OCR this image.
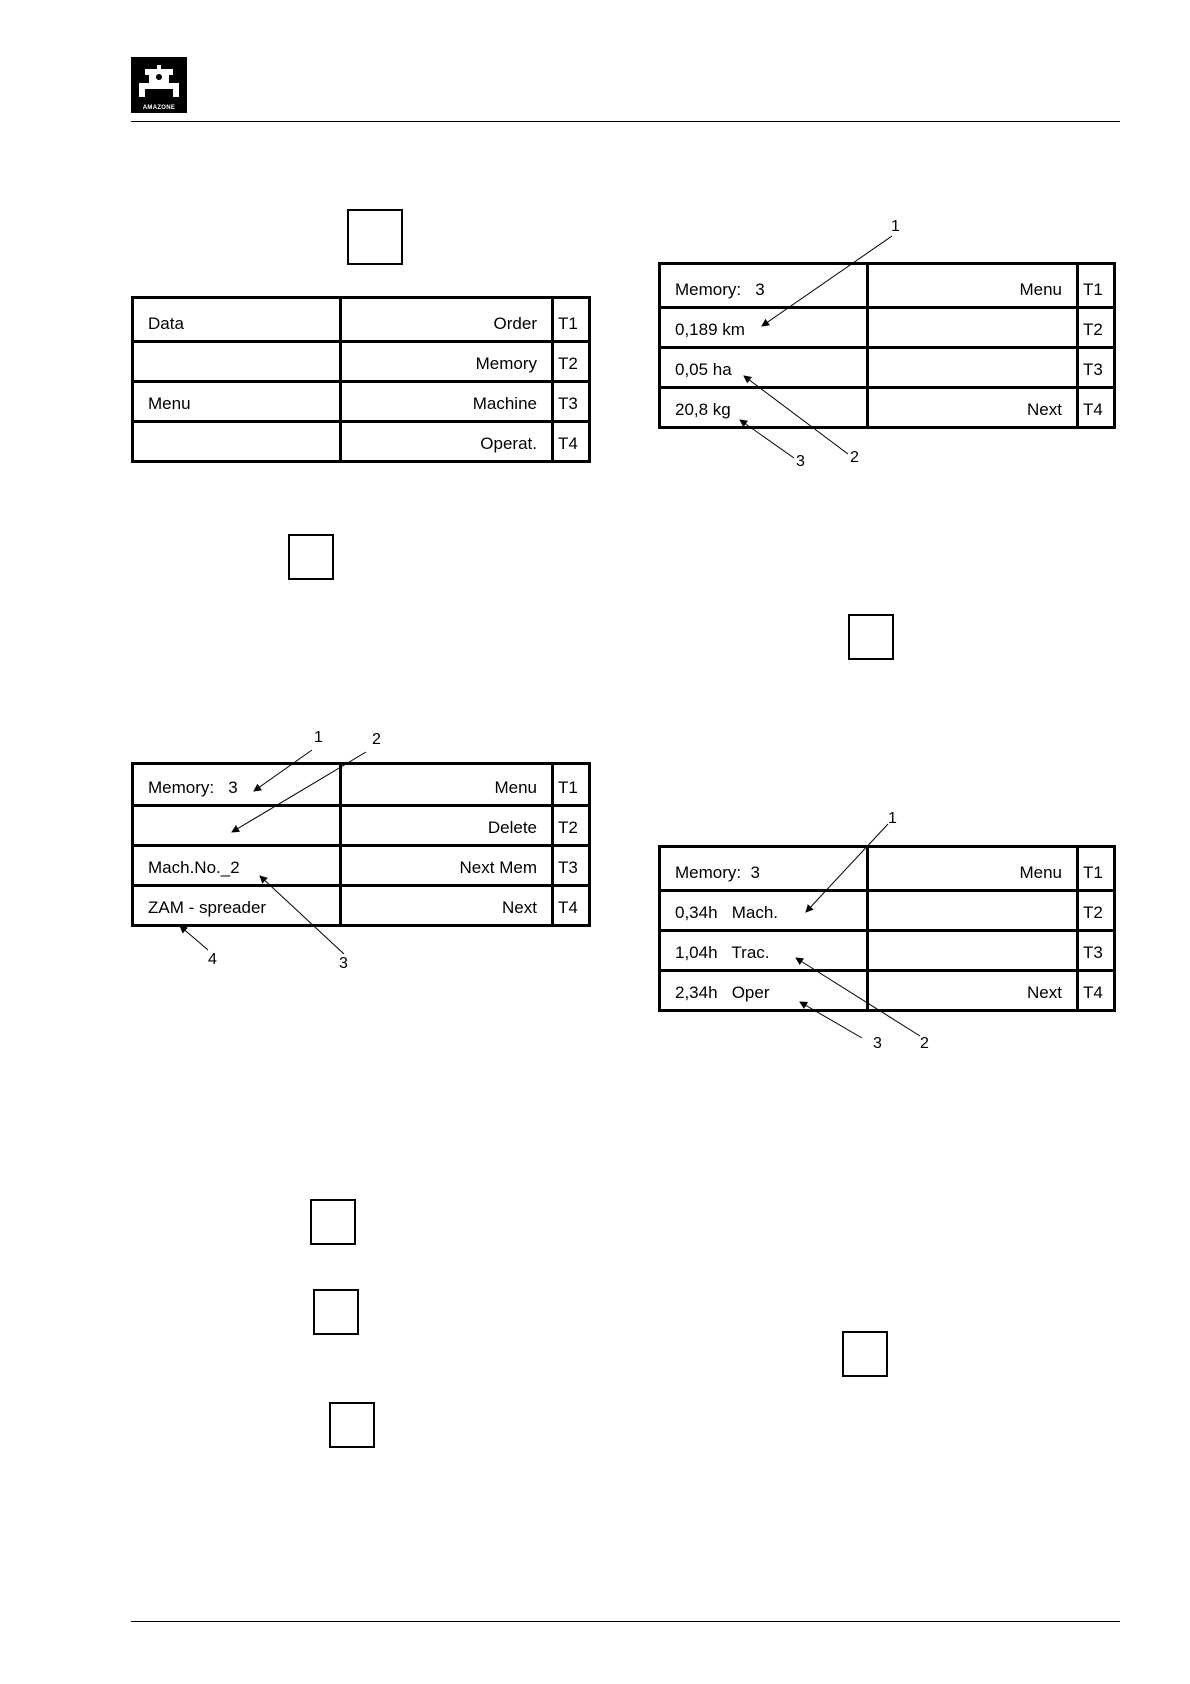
AMAZONE
Data	Order	T1
	Memory	T2
Menu	Machine	T3
	Operat.	T4
Memory:   3	Menu	T1
	Delete	T2
Mach.No._2	Next Mem	T3
ZAM - spreader	Next	T4
Memory:   3	Menu	T1
0,189 km		T2
0,05 ha		T3
20,8 kg	Next	T4
Memory:  3	Menu	T1
0,34h   Mach.		T2
1,04h   Trac.		T3
2,34h   Oper	Next	T4
1	2
3
4
1
2
3
1
2
3
